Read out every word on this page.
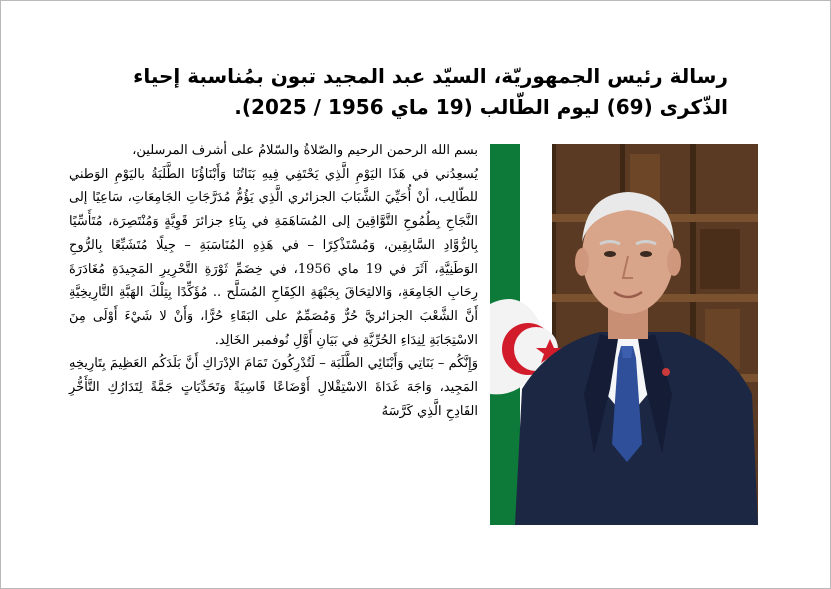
رسالة رئيس الجمهوريّة، السيّد عبد المجيد تبون بمُناسبة إحياء الذّكرى (69) ليوم الطّالب (19 ماي 1956 / 2025).

بسم الله الرحمن الرحيم والصّلاةُ والسّلامُ على أشرف المرسلين،

يُسعِدُني في هَذَا اليَوْمِ الَّذِي يَحْتَفِي فِيهِ بَنَاتُنَا وَأَبْنَاؤُنَا الطَّلَبَةُ باليَوْمِ الوَطني للطّالِب، أنْ أُحَيِّيَ الشَّبَابَ الجزائري الَّذِي يَؤُمُّ مُدَرَّجَاتِ الجَامِعَاتِ، سَاعِيًا إلى النَّجَاحِ بِطُمُوحِ التَّوَّاقِينَ إلى المُسَاهَمَةِ في بِنَاءِ جزائرَ قَوِيَّةٍ وَمُنْتَصِرَة، مُتَأَسِّيًا بِالرُّوَّادِ السَّابِقِين، وَمُسْتَذْكِرًا – في هَذِهِ المُنَاسَبَةِ – جِيلًا مُتَشَبِّعًا بِالرُّوحِ الوَطَنِيَّةِ، آثَرَ في 19 ماي 1956، في خِضَمِّ ثَوْرَةِ التَّحْرِيرِ المَجِيدَةِ مُغَادَرَةَ رِحَابِ الجَامِعَةِ، وَالالتِحَاقَ بِجَبْهَةِ الكِفَاحِ المُسَلَّح .. مُؤَكِّدًا بِتِلْكَ الهَبَّةِ التَّارِيخِيَّةِ أَنَّ الشَّعْبَ الجزائريَّ حُرٌّ وَمُصَمِّمٌ على البَقَاءِ حُرًّا، وَأَنْ لا شَيْءَ أَوْلَى مِنَ الاسْتِجَابَةِ لِنِدَاءِ الحُرِّيَّةِ في بَيَانِ أَوَّلِ نُوفمبر الخَالِد.

وَإِنَّكُم – بَنَاتِي وَأَبْنَائِي الطَّلَبَة – لَتُدْرِكُونَ تَمَامَ الإدْرَاكِ أَنَّ بَلَدَكُم العَظِيمَ بِتَارِيخِهِ المَجِيد، وَاجَهَ غَدَاةَ الاسْتِقْلالِ أَوْضَاعًا قَاسِيَةً وَتَحَدِّيَاتٍ جَمَّةً لِتَدَارُكِ التَّأَخُّرِ الفَادِحِ الَّذِي كَرَّسَهُ
